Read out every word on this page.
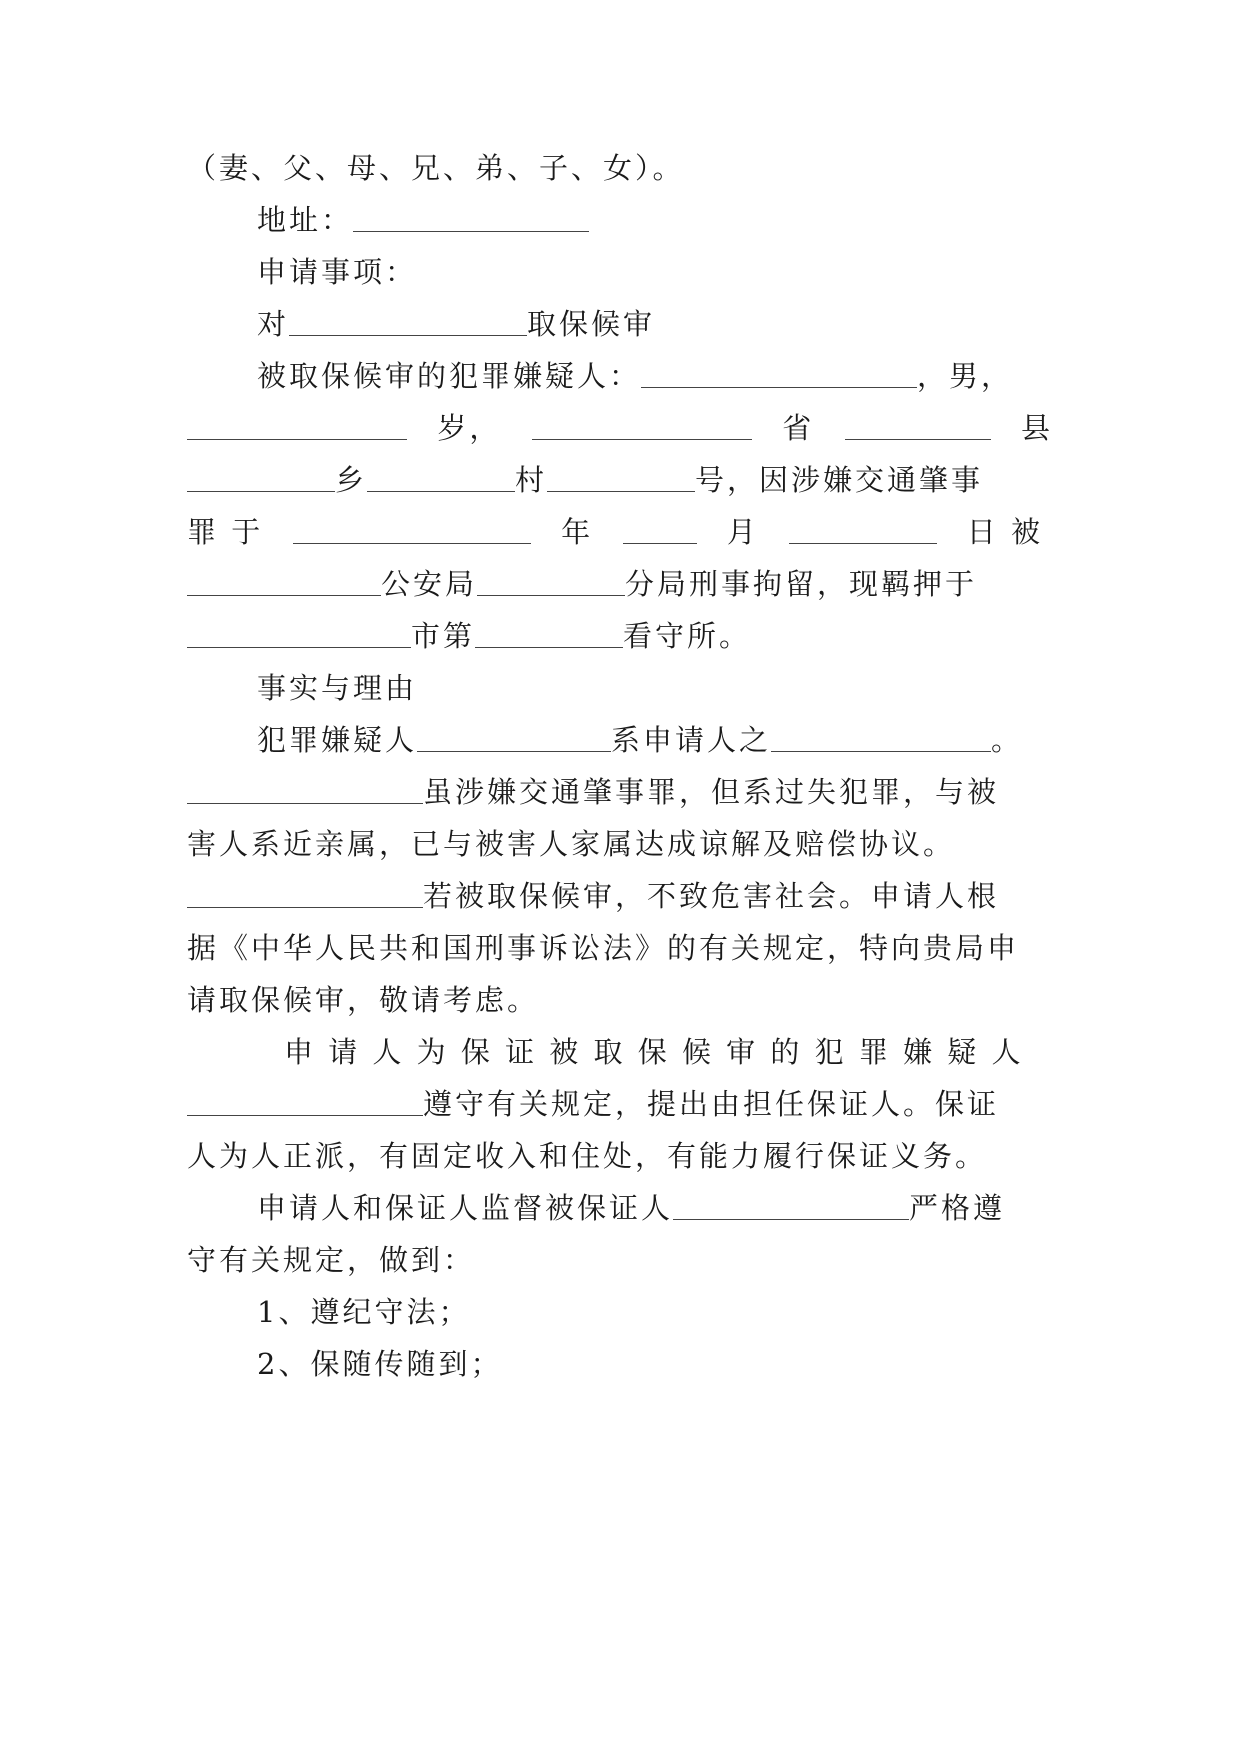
（妻、父、母、兄、弟、子、女）。
地址：
申请事项：
对	取保候审
被取保候审的犯罪嫌疑人：	，男，
岁，	省	县
乡	村	号，因涉嫌交通肇事
罪 于	年	月	日 被
公安局	分局刑事拘留，现羁押于
市第	看守所。
事实与理由
犯罪嫌疑人	系申请人之	。
虽涉嫌交通肇事罪，但系过失犯罪，与被
害人系近亲属，已与被害人家属达成谅解及赔偿协议。
若被取保候审，不致危害社会。申请人根
据《中华人民共和国刑事诉讼法》的有关规定，特向贵局申
请取保候审，敬请考虑。
申 请 人 为 保 证 被 取 保 候 审 的 犯 罪 嫌 疑 人
遵守有关规定，提出由担任保证人。保证
人为人正派，有固定收入和住处，有能力履行保证义务。
申请人和保证人监督被保证人	严格遵
守有关规定，做到：
1、遵纪守法；
2、保随传随到；
